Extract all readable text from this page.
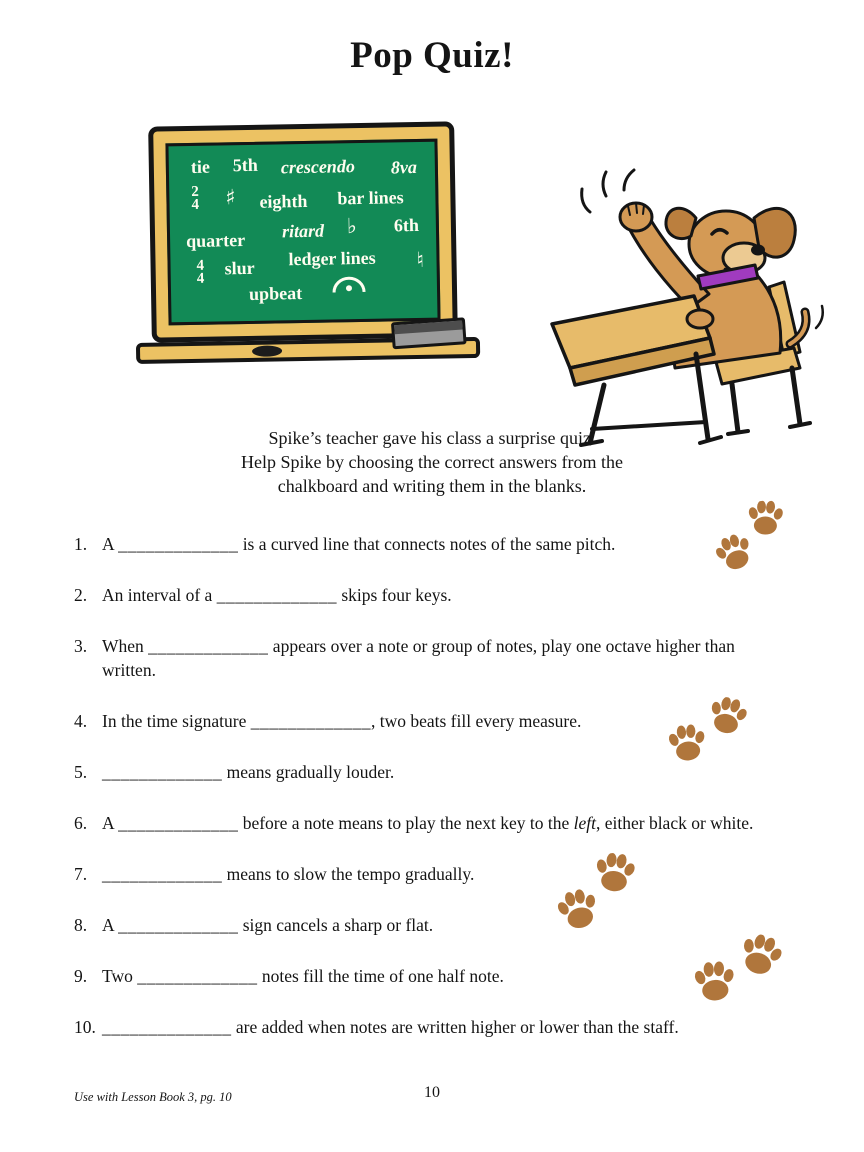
Pop Quiz!
tie 5th crescendo 8va
2
4 ♯ eighth bar lines
quarter ritard ♭ 6th
4
4
slur ledger lines ♮
upbeat
Spike’s teacher gave his class a surprise quiz.
Help Spike by choosing the correct answers from the
chalkboard and writing them in the blanks.
1. A _____________ is a curved line that connects notes of the same pitch.
2. An interval of a _____________ skips four keys.
3. When _____________ appears over a note or group of notes, play one octave higher than written.
4. In the time signature _____________, two beats fill every measure.
5. _____________ means gradually louder.
6. A _____________ before a note means to play the next key to the left, either black or white.
7. _____________ means to slow the tempo gradually.
8. A _____________ sign cancels a sharp or flat.
9. Two _____________ notes fill the time of one half note.
10. ______________ are added when notes are written higher or lower than the staff.
Use with Lesson Book 3, pg. 10	10
